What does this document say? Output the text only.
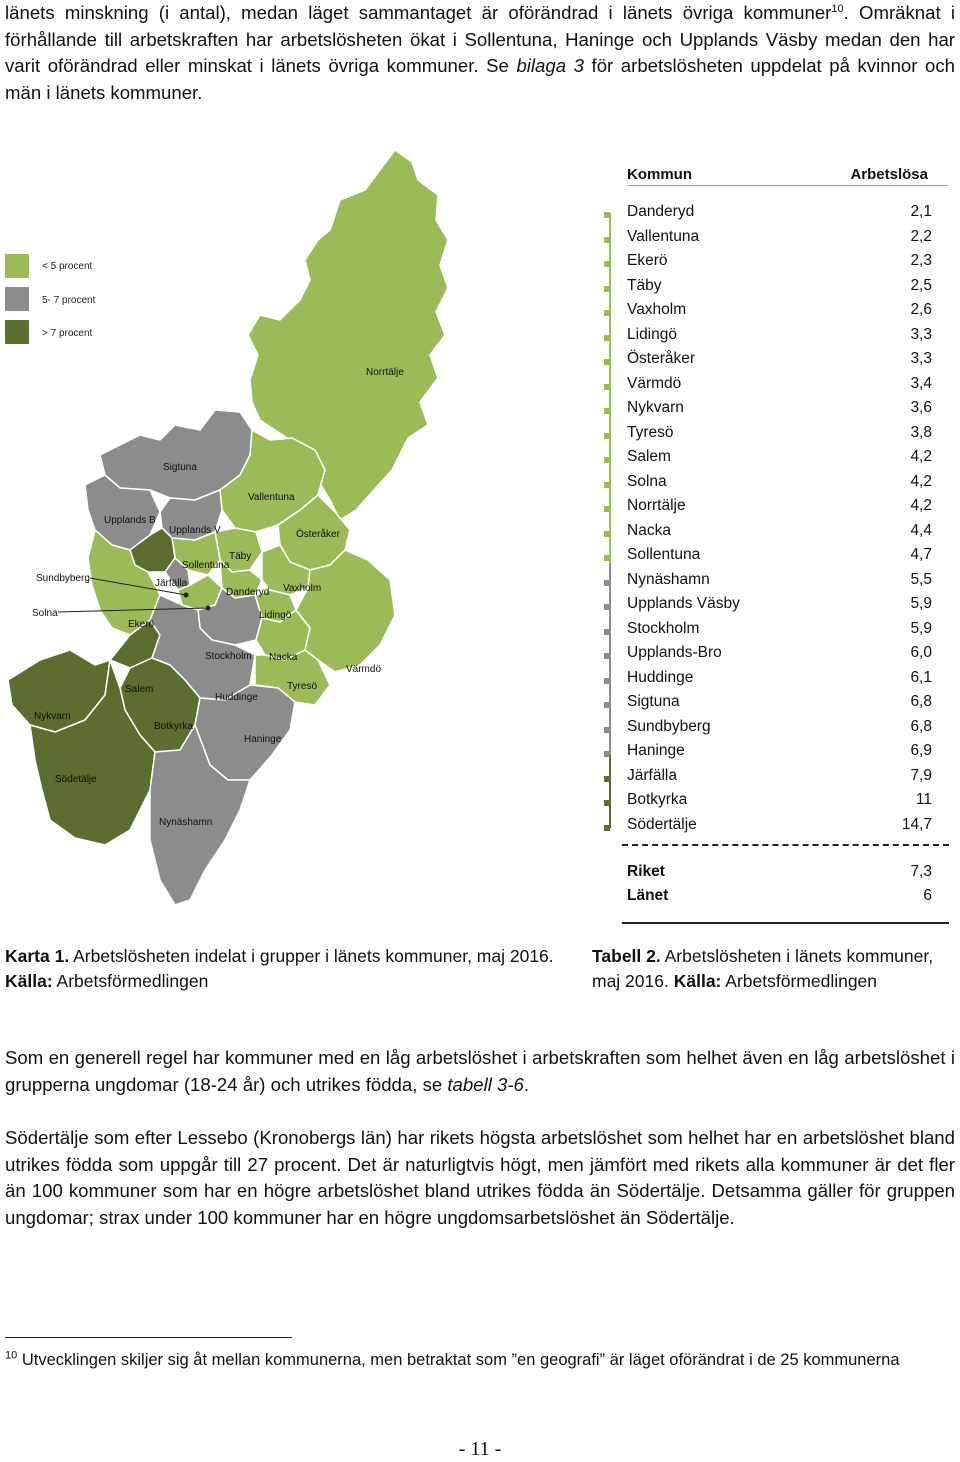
länets minskning (i antal), medan läget sammantaget är oförändrad i länets övriga kommuner$^{10}$. Omräknat i förhållande till arbetskraften har arbetslösheten ökat i Sollentuna, Haninge och Upplands Väsby medan den har varit oförändrad eller minskat i länets övriga kommuner. Se bilaga 3 för arbetslösheten uppdelat på kvinnor och män i länets kommuner.
< 5 procent
5- 7 procent
> 7 procent
Norrtälje
Sigtuna
Vallentuna
Upplands B
Upplands V	Österåker
Täby
Sollentuna
Sundbyberg	Järfälla
Danderyd Vaxholm
Solna	Lidingö
Ekerö
Stockholm Nacka
Värmdö
Salem	Tyresö
Huddinge
Nykvarn
Botkyrka
Haninge
Södetälje
Nynäshamn
Kommun	Arbetslösa
Danderyd	2,1
Vallentuna	2,2
Ekerö	2,3
Täby	2,5
Vaxholm	2,6
Lidingö	3,3
Österåker	3,3
Värmdö	3,4
Nykvarn	3,6
Tyresö	3,8
Salem	4,2
Solna	4,2
Norrtälje	4,2
Nacka	4,4
Sollentuna	4,7
Nynäshamn	5,5
Upplands Väsby	5,9
Stockholm	5,9
Upplands-Bro	6,0
Huddinge	6,1
Sigtuna	6,8
Sundbyberg	6,8
Haninge	6,9
Järfälla	7,9
Botkyrka	11
Södertälje	14,7
Riket	7,3
Länet	6
Karta 1. Arbetslösheten indelat i grupper i länets kommuner, maj 2016. Källa: Arbetsförmedlingen
Tabell 2. Arbetslösheten i länets kommuner, maj 2016. Källa: Arbetsförmedlingen
Som en generell regel har kommuner med en låg arbetslöshet i arbetskraften som helhet även en låg arbetslöshet i grupperna ungdomar (18-24 år) och utrikes födda, se tabell 3-6.
Södertälje som efter Lessebo (Kronobergs län) har rikets högsta arbetslöshet som helhet har en arbetslöshet bland utrikes födda som uppgår till 27 procent. Det är naturligtvis högt, men jämfört med rikets alla kommuner är det fler än 100 kommuner som har en högre arbetslöshet bland utrikes födda än Södertälje. Detsamma gäller för gruppen ungdomar; strax under 100 kommuner har en högre ungdomsarbetslöshet än Södertälje.
$^{10}$ Utvecklingen skiljer sig åt mellan kommunerna, men betraktat som ”en geografi” är läget oförändrat i de 25 kommunerna
- 11 -
